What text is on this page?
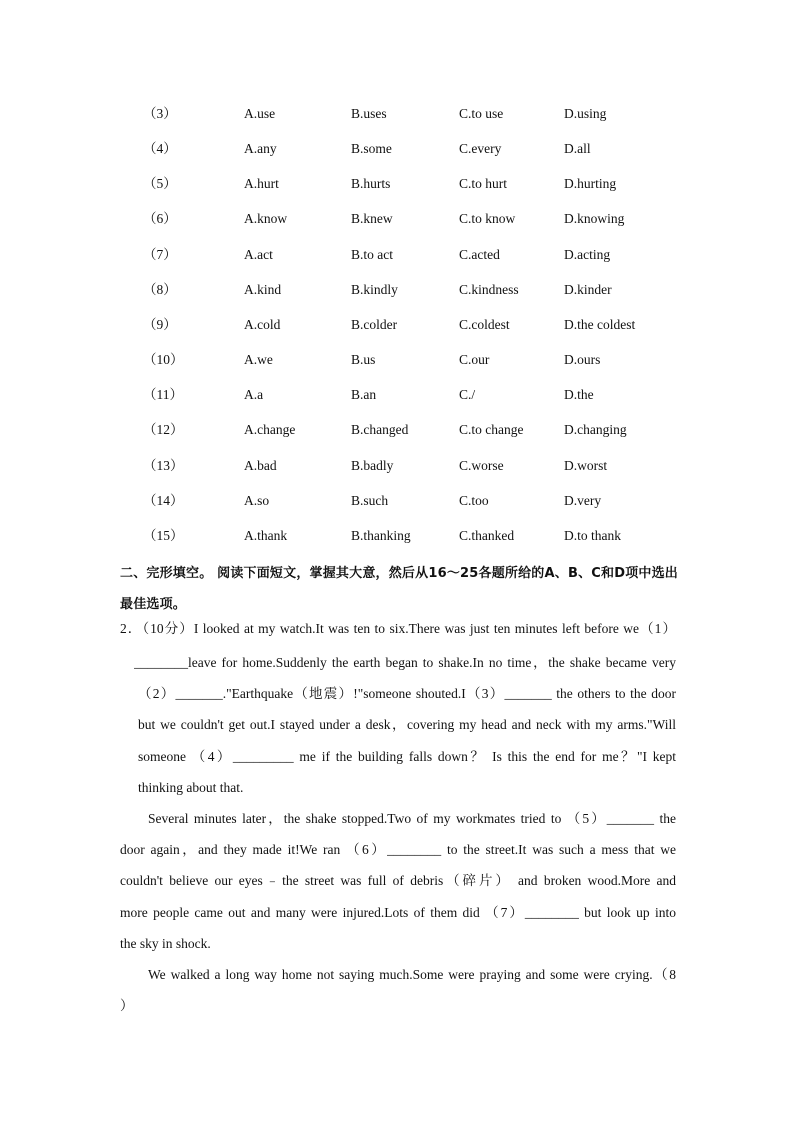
（3）	A.use	B.uses	C.to use	D.using
（4）	A.any	B.some	C.every	D.all
（5）	A.hurt	B.hurts	C.to hurt	D.hurting
（6）	A.know	B.knew	C.to know	D.knowing
（7）	A.act	B.to act	C.acted	D.acting
（8）	A.kind	B.kindly	C.kindness	D.kinder
（9）	A.cold	B.colder	C.coldest	D.the coldest
（10）	A.we	B.us	C.our	D.ours
（11）	A.a	B.an	C./	D.the
（12）	A.change	B.changed	C.to change	D.changing
（13）	A.bad	B.badly	C.worse	D.worst
（14）	A.so	B.such	C.too	D.very
（15）	A.thank	B.thanking	C.thanked	D.to thank
二、完形填空。 阅读下面短文，掌握其大意，然后从16～25各题所给的A、B、C和D项中选出最佳选项。
2．（10分）I looked at my watch.It was ten to six.There was just ten minutes left before we（1）
________leave for home.Suddenly the earth began to shake.In no time，the shake became very
（2）_______."Earthquake（地震）!"someone shouted.I（3）_______ the others to the door
but we couldn't get out.I stayed under a desk，covering my head and neck with my arms."Will
someone （4）_________ me if the building falls down？ Is this the end for me？"I kept
thinking about that.
Several minutes later，the shake stopped.Two of my workmates tried to （5）_______ the
door again，and they made it!We ran （6）________ to the street.It was such a mess that we
couldn't believe our eyes﹣the street was full of debris（碎片） and broken wood.More and
more people came out and many were injured.Lots of them did （7）________ but look up into
the sky in shock.
We walked a long way home not saying much.Some were praying and some were crying.（8
）
